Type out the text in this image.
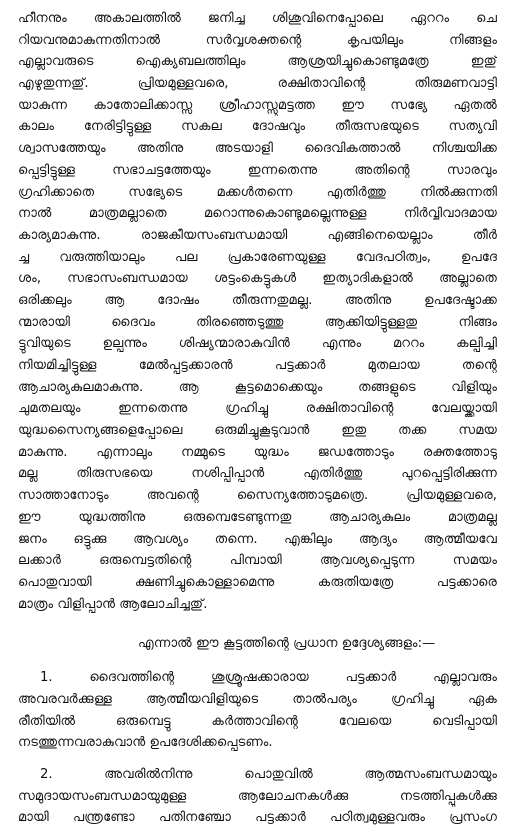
ഹീനനും അകാലത്തിൽ ജനിച്ച ശിശുവിനെപ്പോലെ ഏററം ചെ
റിയവനുമാകുന്നതിനാൽ സർവ്വശക്തന്റെ കൃപയിലും നിങ്ങളം
എല്ലാവരുടെ ഐക്യബലത്തിലും ആശ്രയിച്ചുകൊണ്ടുമത്രേ ഇതു്
എഴുതുന്നതു്. പ്രിയമുള്ളവരെ, രക്ഷിതാവിന്റെ തിരുമണവാട്ടി
യാകുന്ന കാതോലിക്കാസ്സ ശ്രീഹാസ്സുമട്ടത്ത ഈ സഭ്യേ ഏതൽ
കാലം നേരിട്ടിട്ടുള്ള സകല ദോഷവും തീരുസഭയുടെ സത്യവി
ശ്വാസത്തേയും അതിനു അടയാളി ദൈവികത്താൽ നിശ്ചയിക്ക
പ്പെട്ടിട്ടുള്ള സഭാചട്ടത്തേയും ഇന്നതെന്നു അതിന്റെ സാരവും
ഗ്രഹിക്കാതെ സഭ്യേടെ മക്കൾതന്നെ എതിർത്തു നിൽക്കുന്നതി
നാൽ മാത്രമല്ലാതെ മറൊന്നുകൊണ്ടുമല്ലെന്നുള്ള നിർവ്വിവാദമായ
കാര്യമാകുന്നു. രാജകീയസംബന്ധമായി എങ്ങിനെയെല്ലാം തീർ
ച്ച വരുത്തിയാലും പല പ്രകാരേണയുള്ള വേദപഠിത്വം, ഉപദേ
ശം, സഭാസംബന്ധമായ ശട്ടംകെട്ടുകൾ ഇത്യാദികളാൽ അല്ലാതെ
ഒരിക്കലും ആ ദോഷം തീരുന്നതുമല്ല. അതിനു ഉപദേഷ്ടാക്ക
ന്മാരായി ദൈവം തിരഞ്ഞെടുത്തു ആക്കിയിട്ടുള്ളതു നിങ്ങം
ട്ടുവിയുടെ ഉല്പന്നും ശിഷ്യന്മാരാകുവിൻ എന്നും മററം കല്പിച്ചി
നിയമിച്ചിട്ടുള്ള മേൽപ്പട്ടക്കാരൻ പട്ടക്കാർ മുതലായ തന്റെ
ആചാര്യകുലമാകുന്നു. ആ കൂട്ടമൊക്കെയും തങ്ങളുടെ വിളിയും
ചുമതലയും ഇന്നതെന്നു ഗ്രഹിച്ചു രക്ഷിതാവിന്റെ വേലയ്ക്കായി
യുദ്ധസൈന്യങ്ങളെപ്പോലെ ഒരുമിച്ചുകൂടുവാൻ ഇതു തക്ക സമയ
മാകുന്നു. എന്നാലും നമ്മുടെ യുദ്ധം ജഡത്തോടും രക്തത്തോടു
മല്ല തിരുസഭയെ നശിപ്പിപ്പാൻ എതിർത്തു പുറപ്പെട്ടിരിക്കുന്ന
സാത്താനോടും അവന്റെ സൈന്യത്തോടുമത്രെ. പ്രിയമുള്ളവരെ,
ഈ യുദ്ധത്തിനു ഒരുമ്പെടേണ്ടുന്നതു ആചാര്യകുലം മാത്രമല്ല
ജനം ഒട്ടുക്കു ആവശ്യം തന്നെ. എങ്കിലും ആദ്യം ആത്മീയവേ
ലക്കാർ ഒരുമ്പെട്ടതിന്റെ പിമ്പായി ആവശ്യപ്പെടുന്ന സമയം
പൊതുവായി ക്ഷണിച്ചുകൊള്ളാമെന്നു കരുതിയത്രേ പട്ടക്കാരെ
മാത്രം വിളിപ്പാൻ ആലോചിച്ചതു്.
എന്നാൽ ഈ കൂട്ടത്തിന്റെ പ്രധാന ഉദ്ദേശ്യങ്ങളം:—
1. ദൈവത്തിന്റെ ശുശ്രൂഷക്കാരായ പട്ടക്കാർ എല്ലാവരും
അവരവർക്കുള്ള ആത്മീയവിളിയുടെ താൽപര്യം ഗ്രഹിച്ചു ഏക
രീതിയിൽ ഒരുമ്പെട്ടു കർത്താവിന്റെ വേലയെ വെടിപ്പായി
നടത്തുന്നവരാകുവാൻ ഉപദേശിക്കപ്പെടണം.
2. അവരിൽനിന്നു പൊതുവിൽ ആത്മസംബന്ധമായും
സമുദായസംബന്ധമായുമുള്ള ആലോചനകൾക്കു നടത്തിപ്പുകൾക്കു
മായി പന്ത്രണ്ടോ പതിനഞ്ചോ പട്ടക്കാർ പഠിത്വമുള്ളവരും പ്രസംഗ
